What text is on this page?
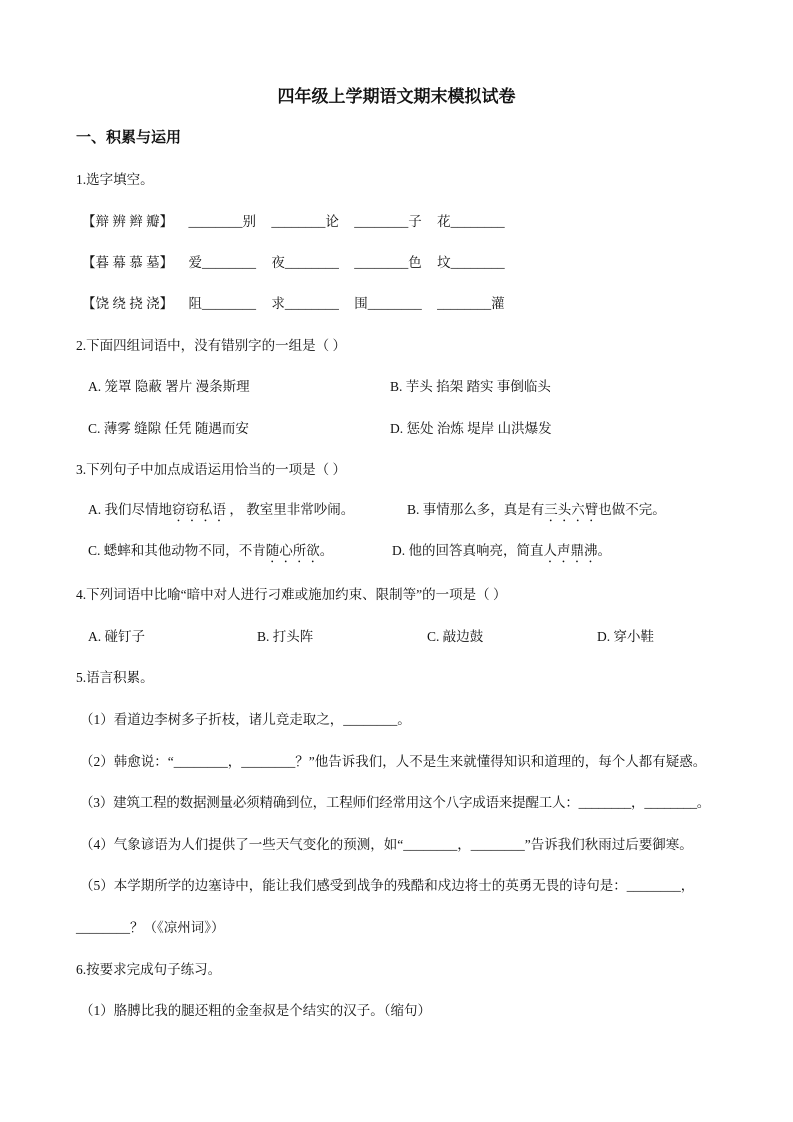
四年级上学期语文期末模拟试卷
一、积累与运用
1.选字填空。
【辩 辨 辫 瓣】 ________别 ________论 ________子 花________
【暮 幕 慕 墓】 爱________ 夜________ ________色 坟________
【饶 绕 挠 浇】 阻________ 求________ 围________ ________灌
2.下面四组词语中，没有错别字的一组是（ ）
A. 笼罩 隐蔽 署片 漫条斯理	B. 芋头 掐架 踏实 事倒临头
C. 薄雾 缝隙 任凭 随遇而安	D. 惩处 治炼 堤岸 山洪爆发
3.下列句子中加点成语运用恰当的一项是（ ）
A. 我们尽情地窃窃私语 ， 教室里非常吵闹。	B. 事情那么多，真是有三头六臂也做不完。
C. 蟋蟀和其他动物不同，不肯随心所欲。	D. 他的回答真响亮，简直人声鼎沸。
4.下列词语中比喻“暗中对人进行刁难或施加约束、限制等”的一项是（ ）
A. 碰钉子	B. 打头阵	C. 敲边鼓	D. 穿小鞋
5.语言积累。
（1）看道边李树多子折枝，诸儿竞走取之，________。
（2）韩愈说：“________，________？”他告诉我们，人不是生来就懂得知识和道理的，每个人都有疑惑。
（3）建筑工程的数据测量必须精确到位，工程师们经常用这个八字成语来提醒工人：________，________。
（4）气象谚语为人们提供了一些天气变化的预测，如“________，________”告诉我们秋雨过后要御寒。
（5）本学期所学的边塞诗中，能让我们感受到战争的残酷和戍边将士的英勇无畏的诗句是：________，
________？（《凉州词》）
6.按要求完成句子练习。
（1）胳膊比我的腿还粗的金奎叔是个结实的汉子。（缩句）
